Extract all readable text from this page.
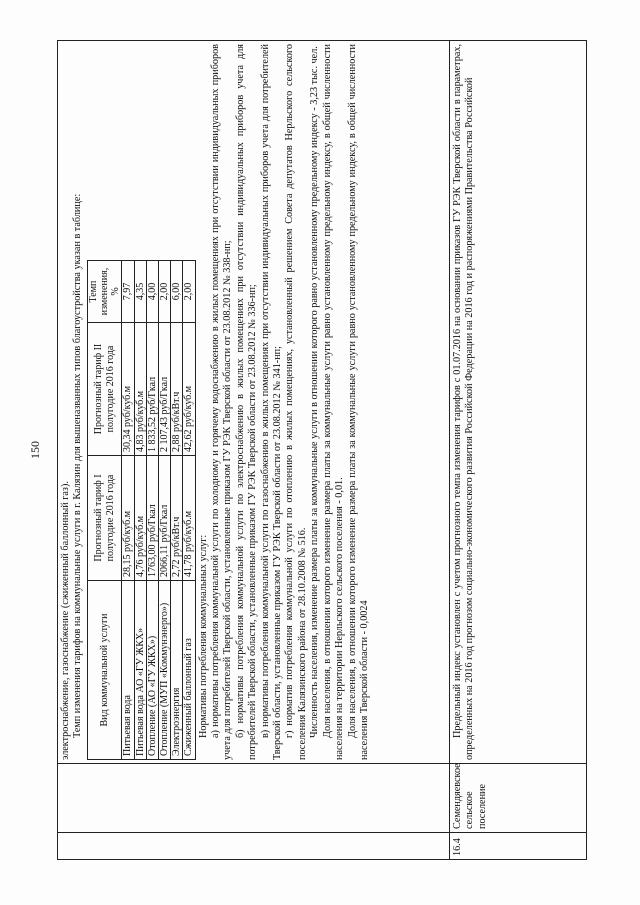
150

электроснабжение, газоснабжение (сжиженный баллонный газ). Темп изменения тарифов на коммунальные услуги в г. Калязин для вышеназванных типов благоустройства указан в таблице: Вид коммунальной услуги	Прогнозный тариф I полугодие 2016 года	Прогнозный тариф II полугодие 2016 года	Темп изменения, %
Питьевая вода	28,15 руб/куб.м	30,34 руб/куб.м	7,97
Питьевая вода АО «ГУ ЖКХ»	4,76 руб/куб.м	4,83 руб/куб.м	4,35
Отопление (АО «ГУ ЖКХ»)	1763,00 руб/Гкал	1 833,52 руб/Гкал	4,00
Отопление (МУП «Коммунэнерго»)	2066,11 руб/Гкал	2 107,43 руб/Гкал	2,00
Электроэнергия	2,72 руб/кВт.ч	2,88 руб/кВт.ч	6,00
Сжиженный баллонный газ	41,78 руб/куб.м	42,62 руб/куб.м	2,00

Нормативы потребления коммунальных услуг: а) нормативы потребления коммунальной услуги по холодному и горячему водоснабжению в жилых помещениях при отсутствии индивидуальных приборов учета для потребителей Тверской области, установленные приказом ГУ РЭК Тверской области от 23.08.2012 № 338-нп; б) нормативы потребления коммунальной услуги по электроснабжению в жилых помещениях при отсутствии индивидуальных приборов учета для потребителей Тверской области, установленные приказом ГУ РЭК Тверской области от 23.08.2012 № 336-нп; в) нормативы потребления коммунальной услуги по газоснабжению в жилых помещениях при отсутствии индивидуальных приборов учета для потребителей Тверской области, установленные приказом ГУ РЭК Тверской области от 23.08.2012 № 341-нп; г) норматив потребления коммунальной услуги по отоплению в жилых помещениях, установленный решением Совета депутатов Нерльского сельского поселения Калязинского района от 28.10.2008 № 516. Численность населения, изменение размера платы за коммунальные услуги в отношении которого равно установленному предельному индексу - 3,23 тыс. чел. Доля населения, в отношении которого изменение размера платы за коммунальные услуги равно установленному предельному индексу, в общей численности населения на территории Нерльского сельского поселения - 0,01. Доля населения, в отношении которого изменение размера платы за коммунальные услуги равно установленному предельному индексу, в общей численности населения Тверской области - 0,0024

16.4	Семендяевское сельское поселение	

Предельный индекс установлен с учетом прогнозного темпа изменения тарифов с 01.07.2016 на основании приказов ГУ РЭК Тверской области в параметрах, определенных на 2016 год прогнозом социально-экономического развития Российской Федерации на 2016 год и распоряжениями Правительства Российской
